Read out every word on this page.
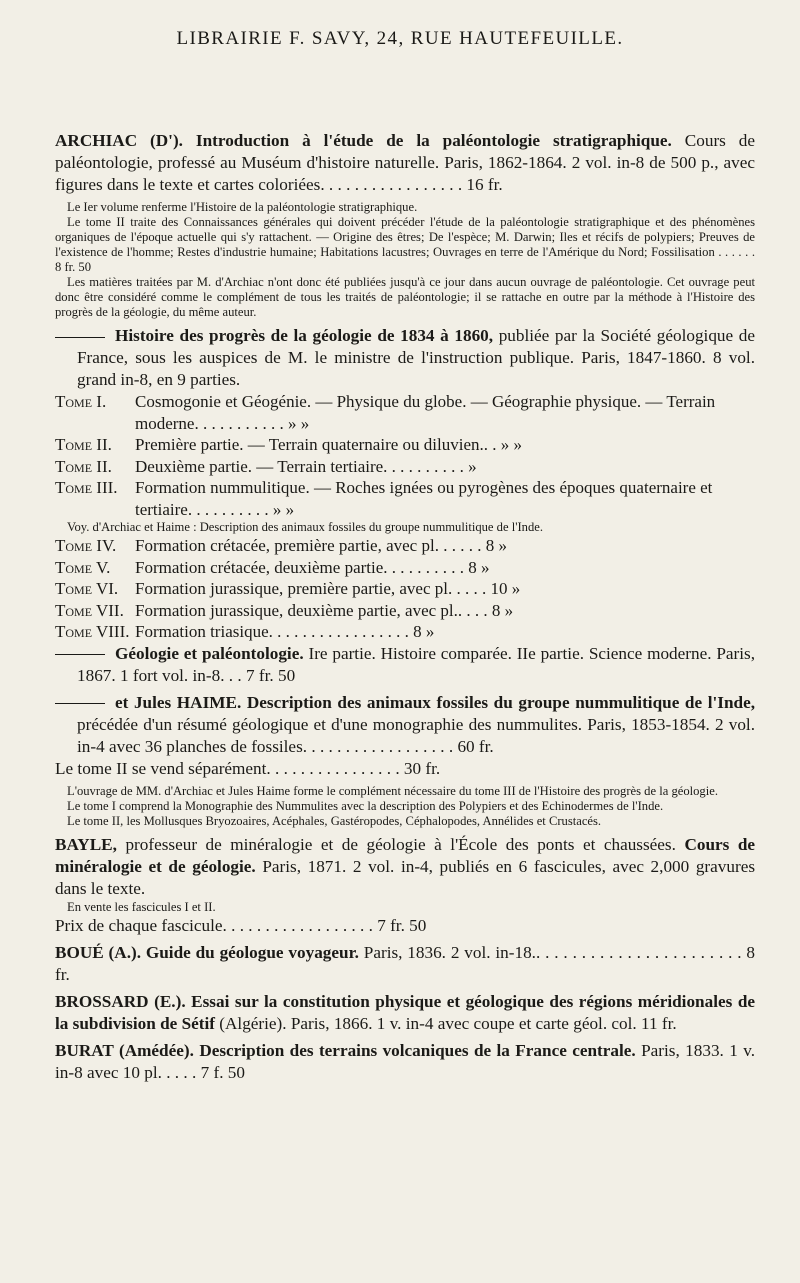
LIBRAIRIE F. SAVY, 24, RUE HAUTEFEUILLE.

ARCHIAC (D'). Introduction à l'étude de la paléontologie stratigraphique. Cours de paléontologie, professé au Muséum d'histoire naturelle. Paris, 1862-1864. 2 vol. in-8 de 500 p., avec figures dans le texte et cartes coloriées. . . . . . . . . . . . . . . . . 16 fr.

Le Ier volume renferme l'Histoire de la paléontologie stratigraphique.

Le tome II traite des Connaissances générales qui doivent précéder l'étude de la paléontologie stratigraphique et des phénomènes organiques de l'époque actuelle qui s'y rattachent. — Origine des êtres; De l'espèce; M. Darwin; Iles et récifs de polypiers; Preuves de l'existence de l'homme; Restes d'industrie humaine; Habitations lacustres; Ouvrages en terre de l'Amérique du Nord; Fossilisation . . . . . . 8 fr. 50

Les matières traitées par M. d'Archiac n'ont donc été publiées jusqu'à ce jour dans aucun ouvrage de paléontologie. Cet ouvrage peut donc être considéré comme le complément de tous les traités de paléontologie; il se rattache en outre par la méthode à l'Histoire des progrès de la géologie, du même auteur.

Histoire des progrès de la géologie de 1834 à 1860, publiée par la Société géologique de France, sous les auspices de M. le ministre de l'instruction publique. Paris, 1847-1860. 8 vol. grand in-8, en 9 parties.

Tome I.	Cosmogonie et Géogénie. — Physique du globe. — Géographie physique. — Terrain moderne. . . . . . . . . . . » »
Tome II.	Première partie. — Terrain quaternaire ou diluvien.. . » »
Tome II.	Deuxième partie. — Terrain tertiaire. . . . . . . . . . »
Tome III.	Formation nummulitique. — Roches ignées ou pyrogènes des époques quaternaire et tertiaire. . . . . . . . . . » »

Voy. d'Archiac et Haime : Description des animaux fossiles du groupe nummulitique de l'Inde.

Tome IV.	Formation crétacée, première partie, avec pl. . . . . . 8 »
Tome V.	Formation crétacée, deuxième partie. . . . . . . . . . 8 »
Tome VI. Formation jurassique, première partie, avec pl. . . . . 10 »
Tome VII. Formation jurassique, deuxième partie, avec pl.. . . . 8 »
Tome VIII. Formation triasique. . . . . . . . . . . . . . . . . 8 »

Géologie et paléontologie. Ire partie. Histoire comparée. IIe partie. Science moderne. Paris, 1867. 1 fort vol. in-8. . . 7 fr. 50

et Jules HAIME. Description des animaux fossiles du groupe nummulitique de l'Inde, précédée d'un résumé géologique et d'une monographie des nummulites. Paris, 1853-1854. 2 vol. in-4 avec 36 planches de fossiles. . . . . . . . . . . . . . . . . . 60 fr.

Le tome II se vend séparément. . . . . . . . . . . . . . . . 30 fr.

L'ouvrage de MM. d'Archiac et Jules Haime forme le complément nécessaire du tome III de l'Histoire des progrès de la géologie.

Le tome I comprend la Monographie des Nummulites avec la description des Polypiers et des Echinodermes de l'Inde.

Le tome II, les Mollusques Bryozoaires, Acéphales, Gastéropodes, Céphalopodes, Annélides et Crustacés.

BAYLE, professeur de minéralogie et de géologie à l'École des ponts et chaussées. Cours de minéralogie et de géologie. Paris, 1871. 2 vol. in-4, publiés en 6 fascicules, avec 2,000 gravures dans le texte.

En vente les fascicules I et II.

Prix de chaque fascicule. . . . . . . . . . . . . . . . . . 7 fr. 50

BOUÉ (A.). Guide du géologue voyageur. Paris, 1836. 2 vol. in-18.. . . . . . . . . . . . . . . . . . . . . . . 8 fr.

BROSSARD (E.). Essai sur la constitution physique et géologique des régions méridionales de la subdivision de Sétif (Algérie). Paris, 1866. 1 v. in-4 avec coupe et carte géol. col. 11 fr.

BURAT (Amédée). Description des terrains volcaniques de la France centrale. Paris, 1833. 1 v. in-8 avec 10 pl. . . . . 7 f. 50
